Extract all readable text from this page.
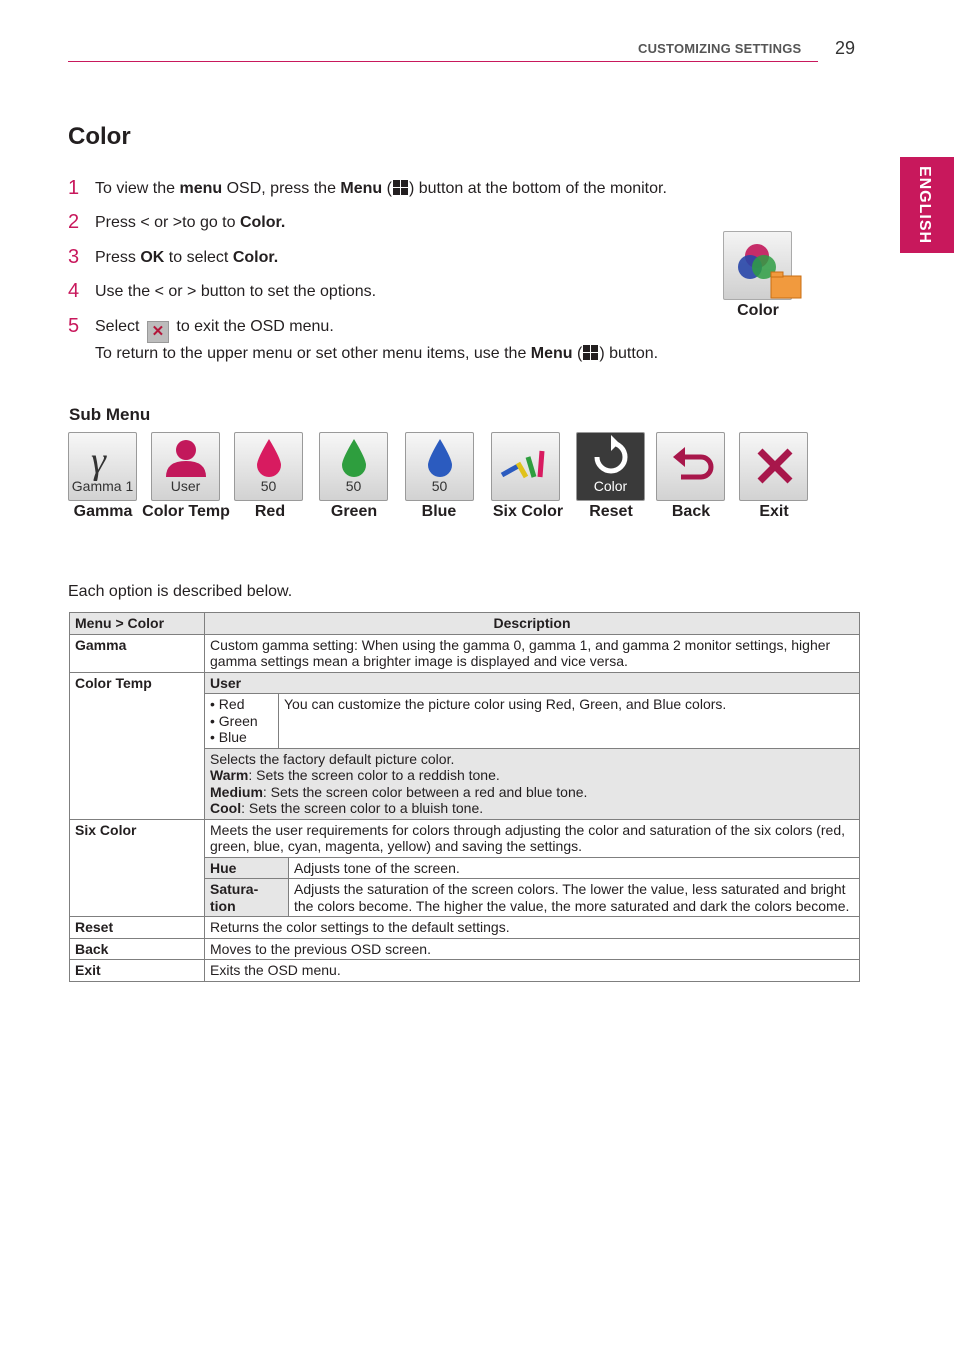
CUSTOMIZING SETTINGS 29
ENGLISH
Color
1 To view the menu OSD, press the Menu ( ) button at the bottom of the monitor.
2 Press < or >to go to Color.
3 Press OK to select Color.
4 Use the < or > button to set the options.
5 Select ✕ to exit the OSD menu.
To return to the upper menu or set other menu items, use the Menu ( ) button.
Color
Sub Menu
γ
Gamma 1	User	50	50	50	Color
Gamma Color Temp	Red	Green	Blue	Six Color	Reset	Back	Exit
Each option is described below.
Menu > Color	Description		
Gamma	Custom gamma setting: When using the gamma 0, gamma 1, and gamma 2 monitor settings, higher gamma settings mean a brighter image is displayed and vice versa.		
Color Temp	User		

	• Red
• Green
• Blue	You can customize the picture color using Red, Green, and Blue colors.	

	Selects the factory default picture color.
Warm: Sets the screen color to a reddish tone.
Medium: Sets the screen color between a red and blue tone.
Cool: Sets the screen color to a bluish tone.		

Six Color	Meets the user requirements for colors through adjusting the color and saturation of the six colors (red, green, blue, cyan, magenta, yellow) and saving the settings.		
	Hue		Adjusts tone of the screen.
	Satura-tion		Adjusts the saturation of the screen colors. The lower the value, less saturated and bright the colors become. The higher the value, the more saturated and dark the colors become.
Reset	Returns the color settings to the default settings.		
Back	Moves to the previous OSD screen.		
Exit	Exits the OSD menu.		
